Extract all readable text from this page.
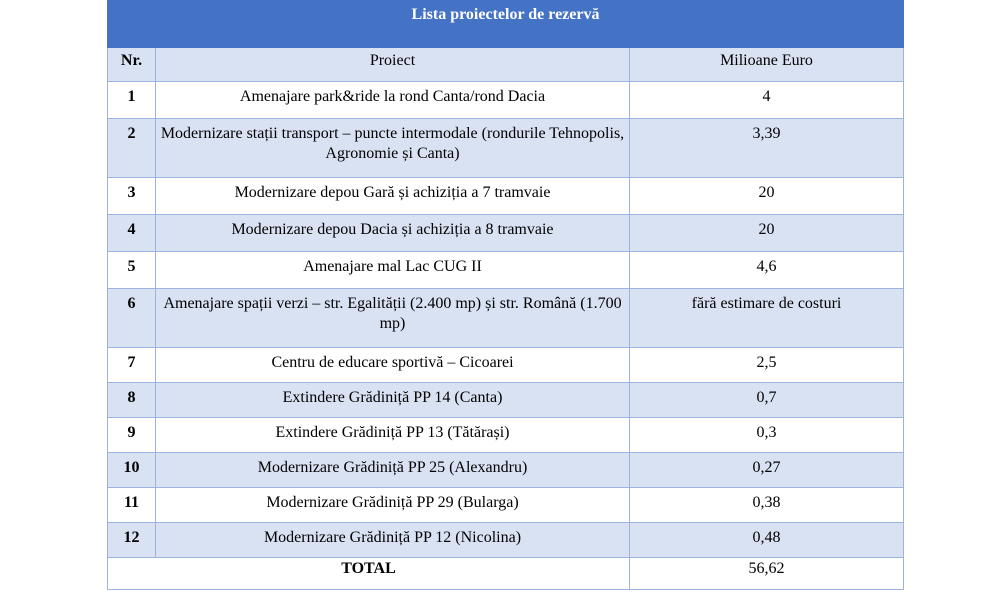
Lista proiectelor de rezervă		
Nr.	Proiect	Milioane Euro
1	Amenajare park&ride la rond Canta/rond Dacia	4
2	Modernizare stații transport – puncte intermodale (rondurile Tehnopolis, Agronomie și Canta)	3,39
3	Modernizare depou Gară și achiziția a 7 tramvaie	20
4	Modernizare depou Dacia și achiziția a 8 tramvaie	20
5	Amenajare mal Lac CUG II	4,6
6	Amenajare spații verzi – str. Egalității (2.400 mp) și str. Română (1.700 mp)	fără estimare de costuri
7	Centru de educare sportivă – Cicoarei	2,5
8	Extindere Grădiniță PP 14 (Canta)	0,7
9	Extindere Grădiniță PP 13 (Tătărași)	0,3
10	Modernizare Grădiniță PP 25 (Alexandru)	0,27
11	Modernizare Grădiniță PP 29 (Bularga)	0,38
12	Modernizare Grădiniță PP 12 (Nicolina)	0,48
TOTAL		56,62
